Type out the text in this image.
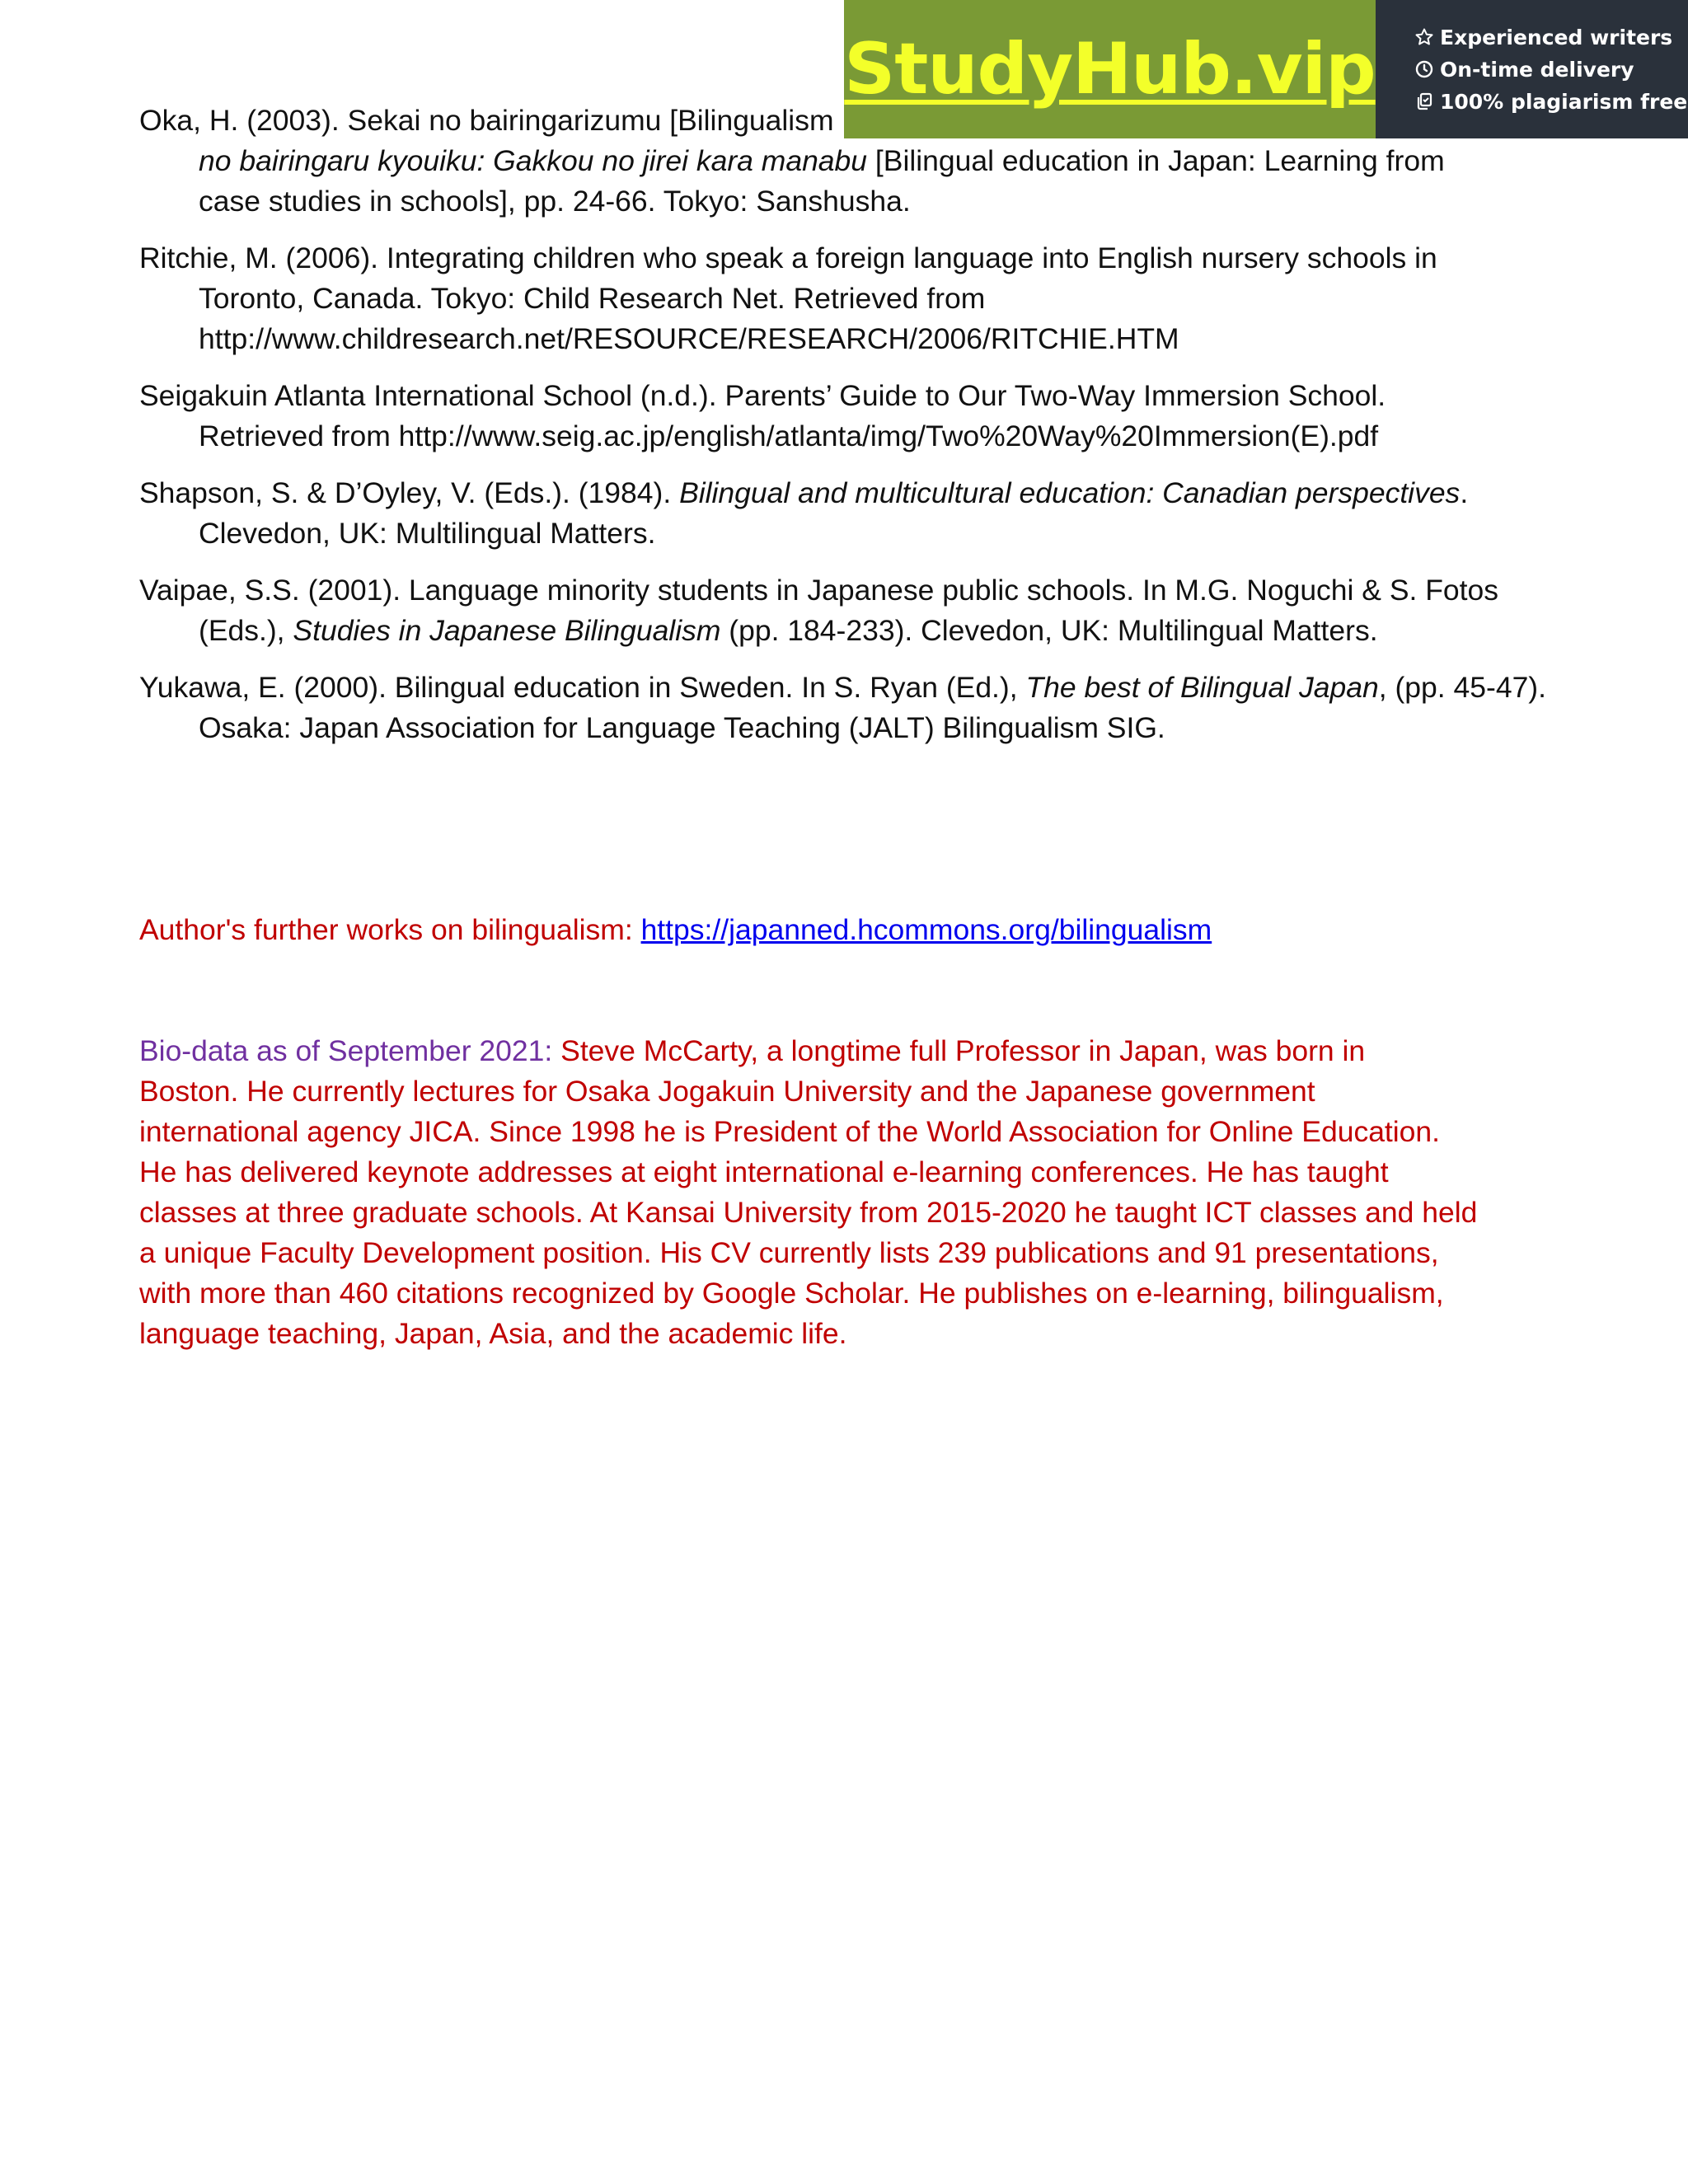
StudyHub.vip	Experienced writers
On-time delivery
100% plagiarism free

Oka, H. (2003). Sekai no bairingarizumu [Bilingualism
no bairingaru kyouiku: Gakkou no jirei kara manabu [Bilingual education in Japan: Learning from
case studies in schools], pp. 24-66. Tokyo: Sanshusha.

Ritchie, M. (2006). Integrating children who speak a foreign language into English nursery schools in
Toronto, Canada. Tokyo: Child Research Net. Retrieved from
http://www.childresearch.net/RESOURCE/RESEARCH/2006/RITCHIE.HTM

Seigakuin Atlanta International School (n.d.). Parents’ Guide to Our Two-Way Immersion School.
Retrieved from http://www.seig.ac.jp/english/atlanta/img/Two%20Way%20Immersion(E).pdf

Shapson, S. & D’Oyley, V. (Eds.). (1984). Bilingual and multicultural education: Canadian perspectives.
Clevedon, UK: Multilingual Matters.

Vaipae, S.S. (2001). Language minority students in Japanese public schools. In M.G. Noguchi & S. Fotos
(Eds.), Studies in Japanese Bilingualism (pp. 184-233). Clevedon, UK: Multilingual Matters.

Yukawa, E. (2000). Bilingual education in Sweden. In S. Ryan (Ed.), The best of Bilingual Japan, (pp. 45-47).
Osaka: Japan Association for Language Teaching (JALT) Bilingualism SIG.

Author's further works on bilingualism: https://japanned.hcommons.org/bilingualism
Bio-data as of September 2021: Steve McCarty, a longtime full Professor in Japan, was born in
Boston. He currently lectures for Osaka Jogakuin University and the Japanese government
international agency JICA. Since 1998 he is President of the World Association for Online Education.
He has delivered keynote addresses at eight international e-learning conferences. He has taught
classes at three graduate schools. At Kansai University from 2015-2020 he taught ICT classes and held
a unique Faculty Development position. His CV currently lists 239 publications and 91 presentations,
with more than 460 citations recognized by Google Scholar. He publishes on e-learning, bilingualism,
language teaching, Japan, Asia, and the academic life.
